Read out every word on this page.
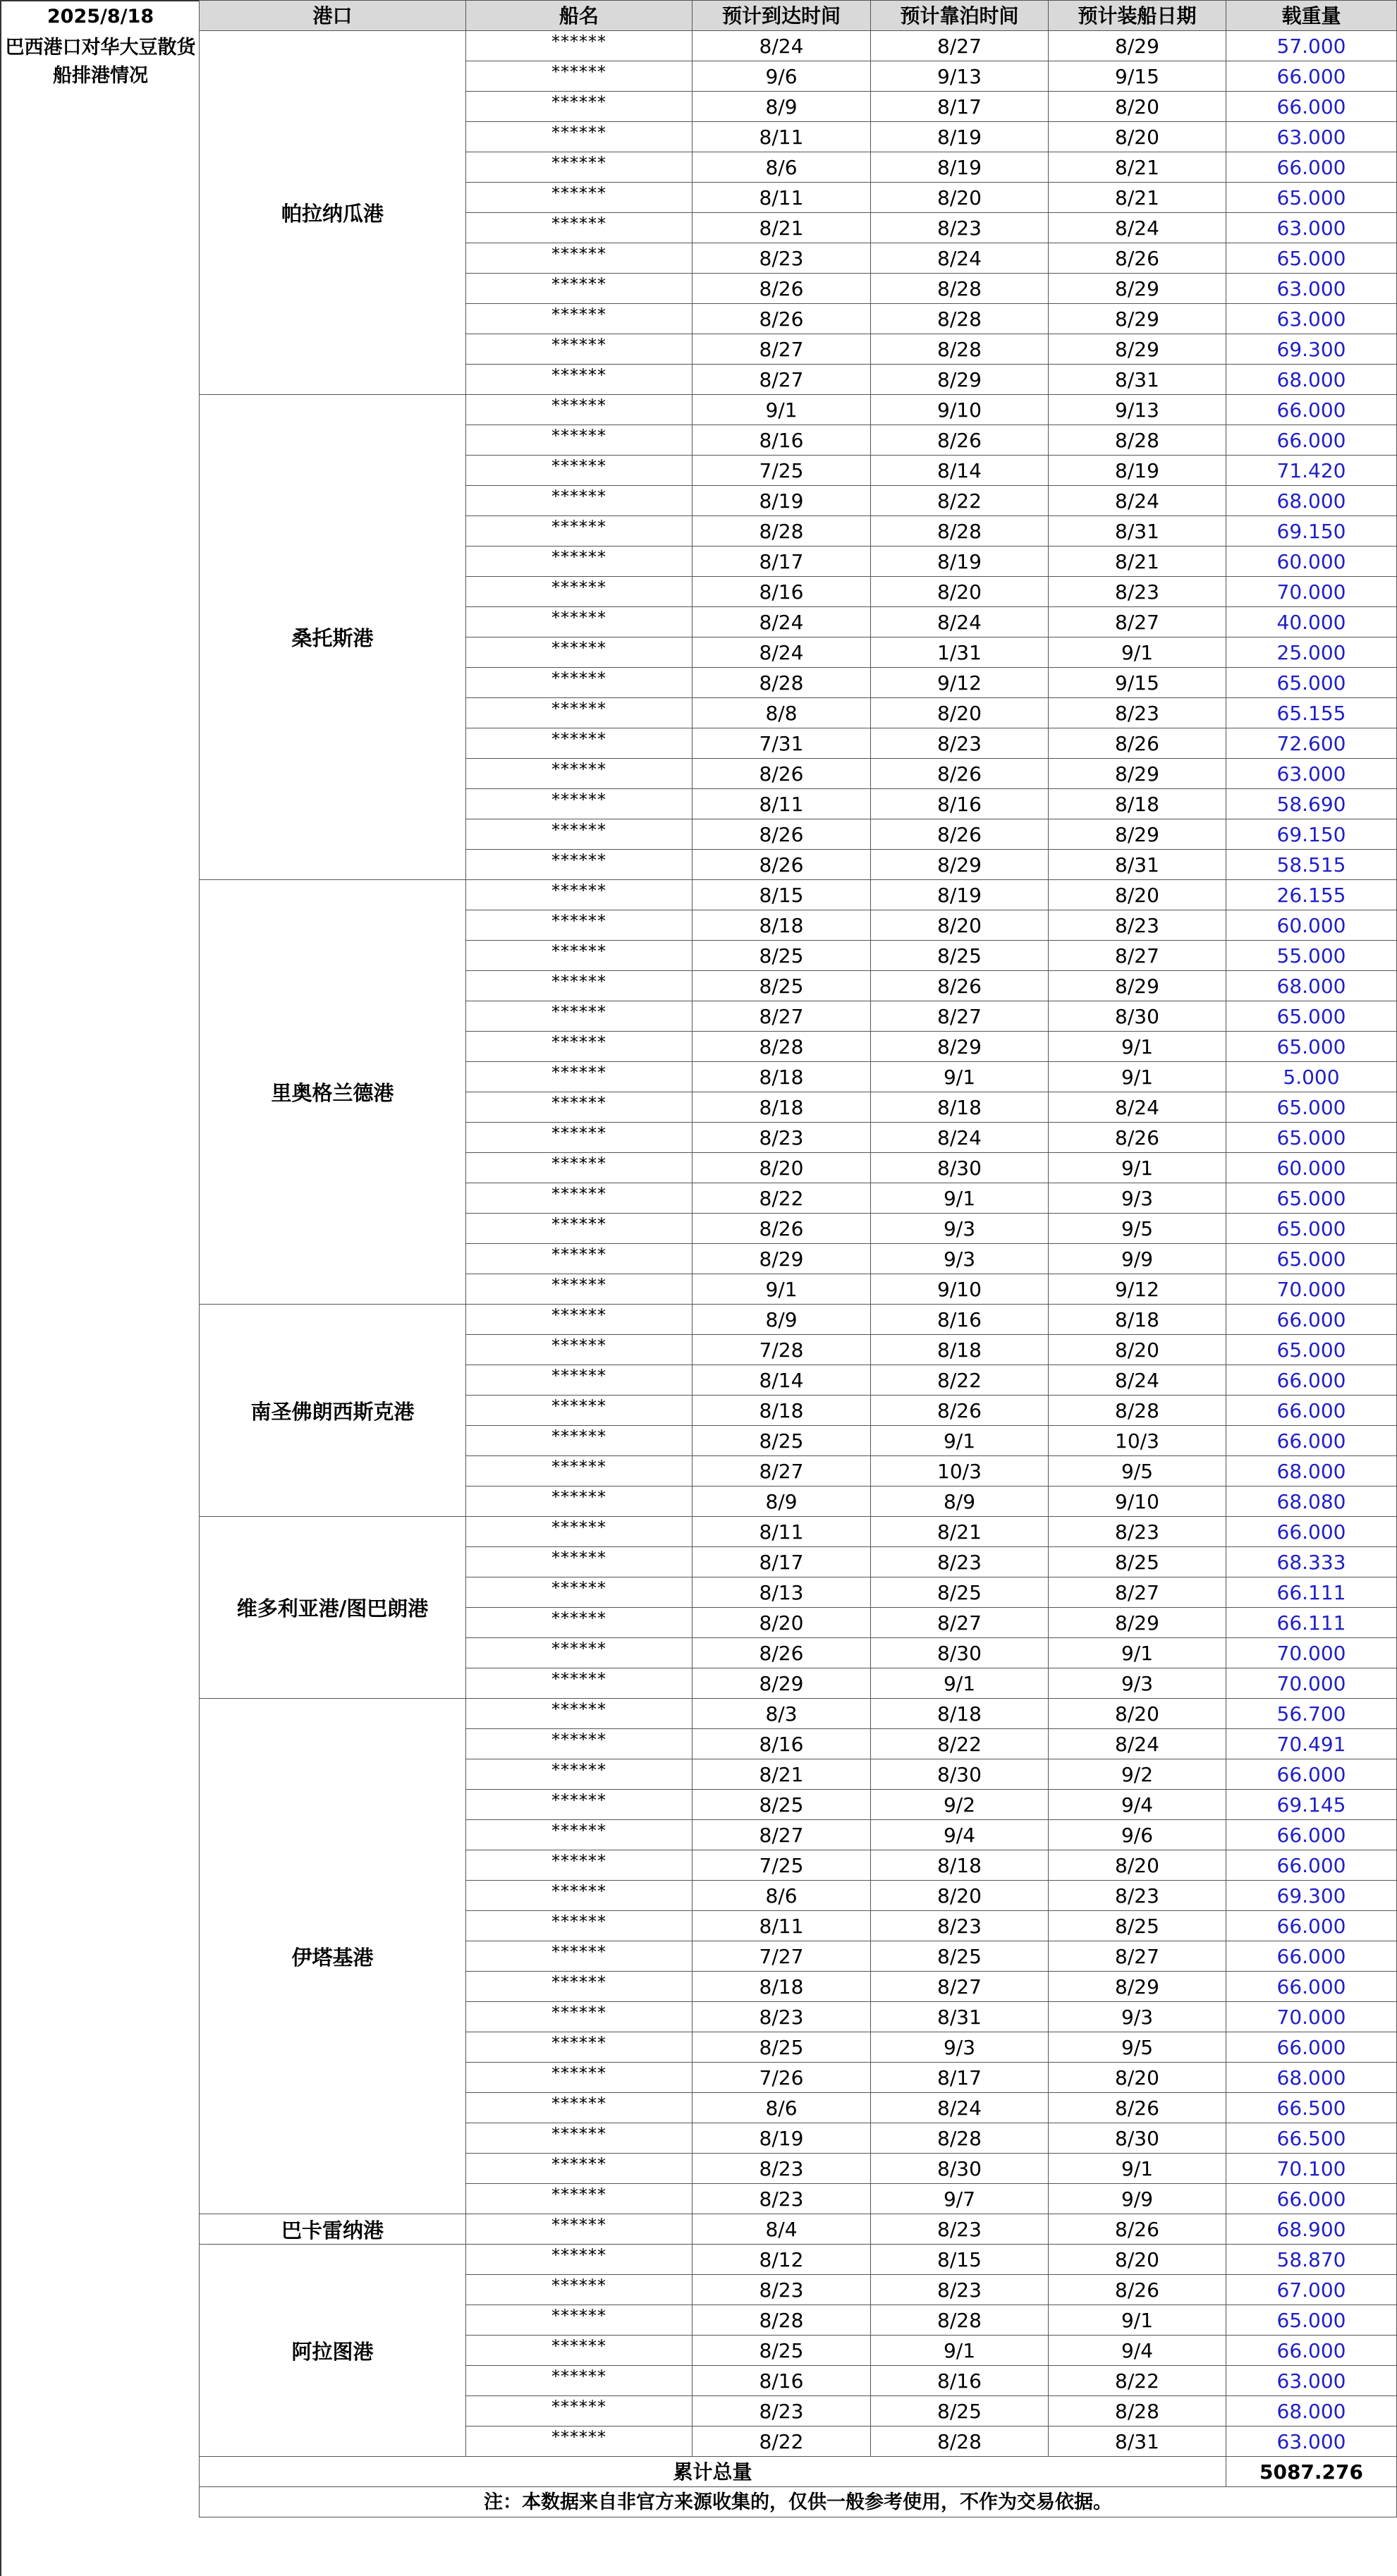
2025/8/18
巴西港口对华大豆散货船排港情况
港口	船名	预计到达时间	预计靠泊时间	预计装船日期	载重量
帕拉纳瓜港
******	8/24	8/27	8/29	57.000
******	9/6	9/13	9/15	66.000
******	8/9	8/17	8/20	66.000
******	8/11	8/19	8/20	63.000
******	8/6	8/19	8/21	66.000
******	8/11	8/20	8/21	65.000
******	8/21	8/23	8/24	63.000
******	8/23	8/24	8/26	65.000
******	8/26	8/28	8/29	63.000
******	8/26	8/28	8/29	63.000
******	8/27	8/28	8/29	69.300
******	8/27	8/29	8/31	68.000
桑托斯港
******	9/1	9/10	9/13	66.000
******	8/16	8/26	8/28	66.000
******	7/25	8/14	8/19	71.420
******	8/19	8/22	8/24	68.000
******	8/28	8/28	8/31	69.150
******	8/17	8/19	8/21	60.000
******	8/16	8/20	8/23	70.000
******	8/24	8/24	8/27	40.000
******	8/24	1/31	9/1	25.000
******	8/28	9/12	9/15	65.000
******	8/8	8/20	8/23	65.155
******	7/31	8/23	8/26	72.600
******	8/26	8/26	8/29	63.000
******	8/11	8/16	8/18	58.690
******	8/26	8/26	8/29	69.150
******	8/26	8/29	8/31	58.515
里奥格兰德港
******	8/15	8/19	8/20	26.155
******	8/18	8/20	8/23	60.000
******	8/25	8/25	8/27	55.000
******	8/25	8/26	8/29	68.000
******	8/27	8/27	8/30	65.000
******	8/28	8/29	9/1	65.000
******	8/18	9/1	9/1	5.000
******	8/18	8/18	8/24	65.000
******	8/23	8/24	8/26	65.000
******	8/20	8/30	9/1	60.000
******	8/22	9/1	9/3	65.000
******	8/26	9/3	9/5	65.000
******	8/29	9/3	9/9	65.000
******	9/1	9/10	9/12	70.000
南圣佛朗西斯克港
******	8/9	8/16	8/18	66.000
******	7/28	8/18	8/20	65.000
******	8/14	8/22	8/24	66.000
******	8/18	8/26	8/28	66.000
******	8/25	9/1	10/3	66.000
******	8/27	10/3	9/5	68.000
******	8/9	8/9	9/10	68.080
维多利亚港/图巴朗港
******	8/11	8/21	8/23	66.000
******	8/17	8/23	8/25	68.333
******	8/13	8/25	8/27	66.111
******	8/20	8/27	8/29	66.111
******	8/26	8/30	9/1	70.000
******	8/29	9/1	9/3	70.000
伊塔基港
******	8/3	8/18	8/20	56.700
******	8/16	8/22	8/24	70.491
******	8/21	8/30	9/2	66.000
******	8/25	9/2	9/4	69.145
******	8/27	9/4	9/6	66.000
******	7/25	8/18	8/20	66.000
******	8/6	8/20	8/23	69.300
******	8/11	8/23	8/25	66.000
******	7/27	8/25	8/27	66.000
******	8/18	8/27	8/29	66.000
******	8/23	8/31	9/3	70.000
******	8/25	9/3	9/5	66.000
******	7/26	8/17	8/20	68.000
******	8/6	8/24	8/26	66.500
******	8/19	8/28	8/30	66.500
******	8/23	8/30	9/1	70.100
******	8/23	9/7	9/9	66.000
巴卡雷纳港	******	8/4	8/23	8/26	68.900
阿拉图港
******	8/12	8/15	8/20	58.870
******	8/23	8/23	8/26	67.000
******	8/28	8/28	9/1	65.000
******	8/25	9/1	9/4	66.000
******	8/16	8/16	8/22	63.000
******	8/23	8/25	8/28	68.000
******	8/22	8/28	8/31	63.000
累计总量	5087.276
注：本数据来自非官方来源收集的，仅供一般参考使用，不作为交易依据。
